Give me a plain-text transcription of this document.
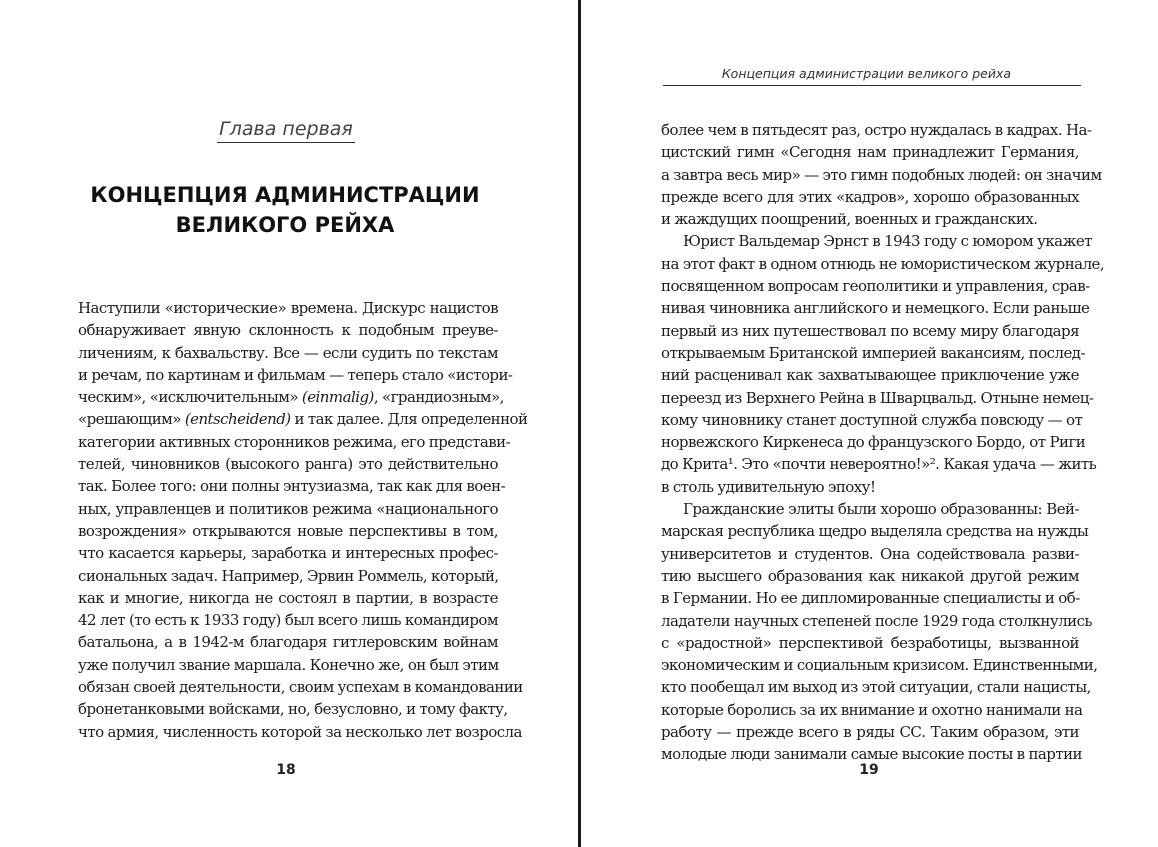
Глава первая
КОНЦЕПЦИЯ АДМИНИСТРАЦИИ
ВЕЛИКОГО РЕЙХА
Наступили «исторические» времена. Дискурс нацистов
обнаруживает явную склонность к подобным преуве-
личениям, к бахвальству. Все — если судить по текстам
и речам, по картинам и фильмам — теперь стало «истори-
ческим», «исключительным» (einmalig), «грандиозным»,
«решающим» (entscheidend) и так далее. Для определенной
категории активных сторонников режима, его представи-
телей, чиновников (высокого ранга) это действительно
так. Более того: они полны энтузиазма, так как для воен-
ных, управленцев и политиков режима «национального
возрождения» открываются новые перспективы в том,
что касается карьеры, заработка и интересных профес-
сиональных задач. Например, Эрвин Роммель, который,
как и многие, никогда не состоял в партии, в возрасте
42 лет (то есть к 1933 году) был всего лишь командиром
батальона, а в 1942-м благодаря гитлеровским войнам
уже получил звание маршала. Конечно же, он был этим
обязан своей деятельности, своим успехам в командовании
бронетанковыми войсками, но, безусловно, и тому факту,
что армия, численность которой за несколько лет возросла
18
Концепция администрации великого рейха
более чем в пятьдесят раз, остро нуждалась в кадрах. На-
цистский гимн «Сегодня нам принадлежит Германия,
а завтра весь мир» — это гимн подобных людей: он значим
прежде всего для этих «кадров», хорошо образованных
и жаждущих поощрений, военных и гражданских.
Юрист Вальдемар Эрнст в 1943 году с юмором укажет
на этот факт в одном отнюдь не юмористическом журнале,
посвященном вопросам геополитики и управления, срав-
нивая чиновника английского и немецкого. Если раньше
первый из них путешествовал по всему миру благодаря
открываемым Британской империей вакансиям, послед-
ний расценивал как захватывающее приключение уже
переезд из Верхнего Рейна в Шварцвальд. Отныне немец-
кому чиновнику станет доступной служба повсюду — от
норвежского Киркенеса до французского Бордо, от Риги
до Крита¹. Это «почти невероятно!»². Какая удача — жить
в столь удивительную эпоху!
Гражданские элиты были хорошо образованны: Вей-
марская республика щедро выделяла средства на нужды
университетов и студентов. Она содействовала разви-
тию высшего образования как никакой другой режим
в Германии. Но ее дипломированные специалисты и об-
ладатели научных степеней после 1929 года столкнулись
с «радостной» перспективой безработицы, вызванной
экономическим и социальным кризисом. Единственными,
кто пообещал им выход из этой ситуации, стали нацисты,
которые боролись за их внимание и охотно нанимали на
работу — прежде всего в ряды СС. Таким образом, эти
молодые люди занимали самые высокие посты в партии
19
